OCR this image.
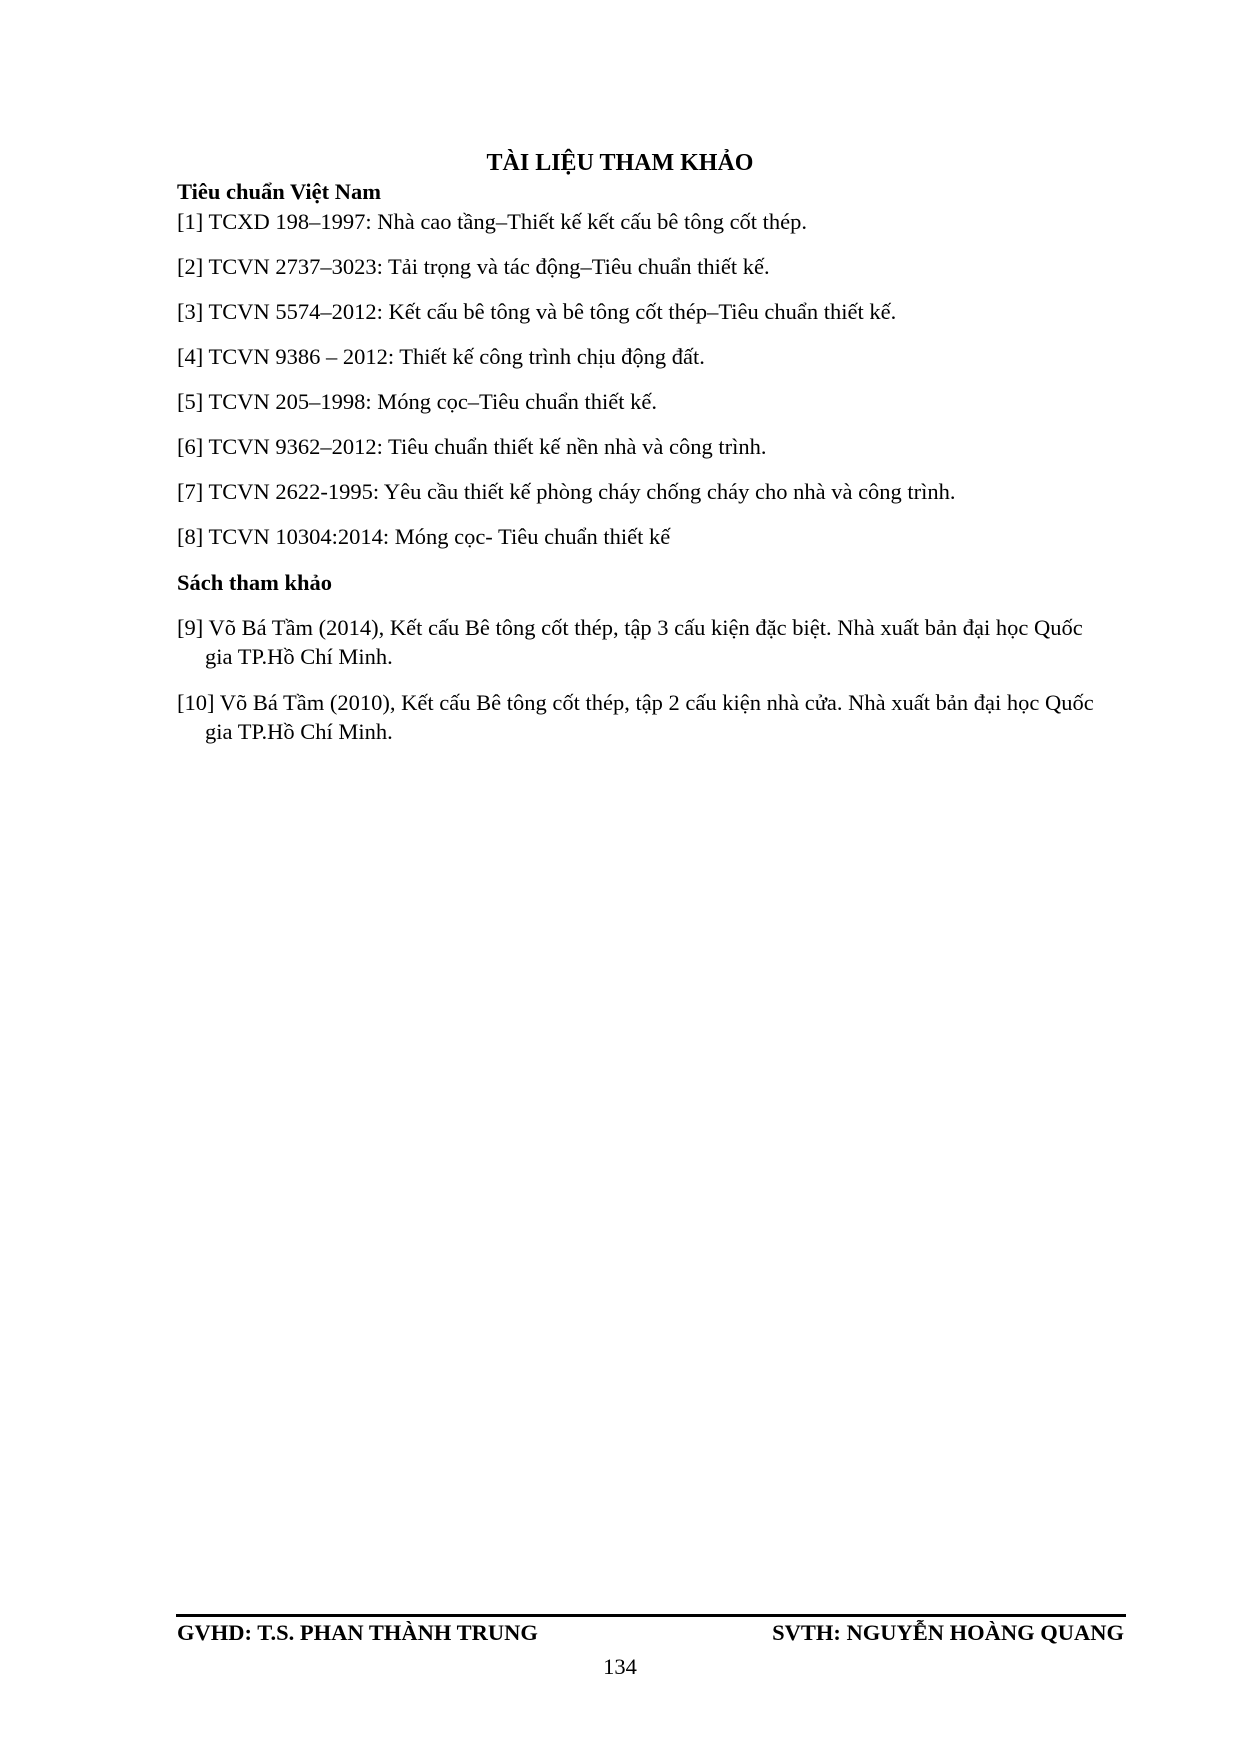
TÀI LIỆU THAM KHẢO
Tiêu chuẩn Việt Nam
[1] TCXD 198–1997: Nhà cao tầng–Thiết kế kết cấu bê tông cốt thép.
[2] TCVN 2737–3023: Tải trọng và tác động–Tiêu chuẩn thiết kế.
[3] TCVN 5574–2012: Kết cấu bê tông và bê tông cốt thép–Tiêu chuẩn thiết kế.
[4] TCVN 9386 – 2012: Thiết kế công trình chịu động đất.
[5] TCVN 205–1998: Móng cọc–Tiêu chuẩn thiết kế.
[6] TCVN 9362–2012: Tiêu chuẩn thiết kế nền nhà và công trình.
[7] TCVN 2622-1995: Yêu cầu thiết kế phòng cháy chống cháy cho nhà và công trình.
[8] TCVN 10304:2014: Móng cọc- Tiêu chuẩn thiết kế
Sách tham khảo
[9] Võ Bá Tầm (2014), Kết cấu Bê tông cốt thép, tập 3 cấu kiện đặc biệt. Nhà xuất bản đại học Quốc gia TP.Hồ Chí Minh.
[10] Võ Bá Tầm (2010), Kết cấu Bê tông cốt thép, tập 2 cấu kiện nhà cửa. Nhà xuất bản đại học Quốc gia TP.Hồ Chí Minh.
GVHD: T.S. PHAN THÀNH TRUNG	SVTH: NGUYỄN HOÀNG QUANG
134
